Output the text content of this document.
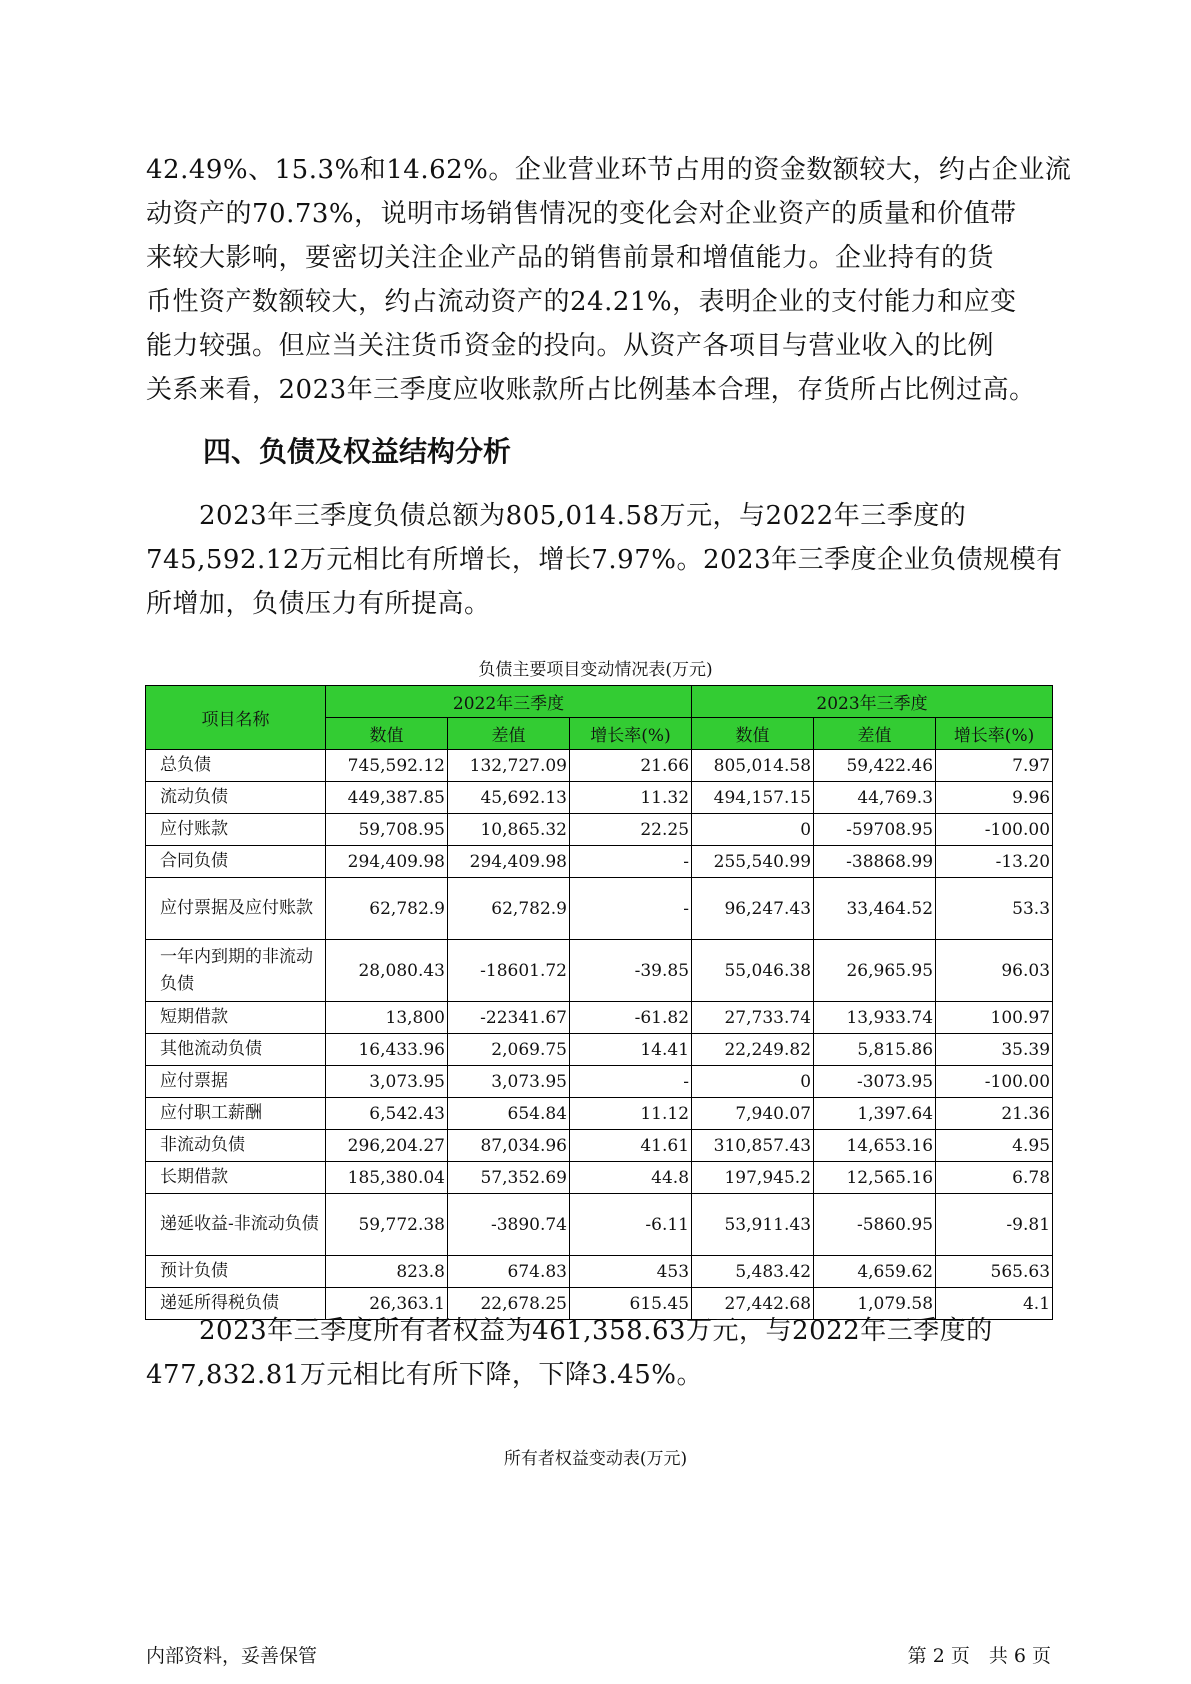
42.49%、15.3%和14.62%。企业营业环节占用的资金数额较大，约占企业流
动资产的70.73%，说明市场销售情况的变化会对企业资产的质量和价值带
来较大影响，要密切关注企业产品的销售前景和增值能力。企业持有的货
币性资产数额较大，约占流动资产的24.21%，表明企业的支付能力和应变
能力较强。但应当关注货币资金的投向。从资产各项目与营业收入的比例
关系来看，2023年三季度应收账款所占比例基本合理，存货所占比例过高。
四、负债及权益结构分析
　　2023年三季度负债总额为805,014.58万元，与2022年三季度的
745,592.12万元相比有所增长，增长7.97%。2023年三季度企业负债规模有
所增加，负债压力有所提高。
负债主要项目变动情况表(万元)
项目名称	2022年三季度			2023年三季度		
	数值	差值	增长率(%)	数值	差值	增长率(%)
总负债	745,592.12	132,727.09	21.66	805,014.58	59,422.46	7.97
流动负债	449,387.85	45,692.13	11.32	494,157.15	44,769.3	9.96
应付账款	59,708.95	10,865.32	22.25	0	-59708.95	-100.00
合同负债	294,409.98	294,409.98	-	255,540.99	-38868.99	-13.20
应付票据及应付账款	62,782.9	62,782.9	-	96,247.43	33,464.52	53.3
一年内到期的非流动负债	28,080.43	-18601.72	-39.85	55,046.38	26,965.95	96.03
短期借款	13,800	-22341.67	-61.82	27,733.74	13,933.74	100.97
其他流动负债	16,433.96	2,069.75	14.41	22,249.82	5,815.86	35.39
应付票据	3,073.95	3,073.95	-	0	-3073.95	-100.00
应付职工薪酬	6,542.43	654.84	11.12	7,940.07	1,397.64	21.36
非流动负债	296,204.27	87,034.96	41.61	310,857.43	14,653.16	4.95
长期借款	185,380.04	57,352.69	44.8	197,945.2	12,565.16	6.78
递延收益-非流动负债	59,772.38	-3890.74	-6.11	53,911.43	-5860.95	-9.81
预计负债	823.8	674.83	453	5,483.42	4,659.62	565.63
递延所得税负债	26,363.1	22,678.25	615.45	27,442.68	1,079.58	4.1
　　2023年三季度所有者权益为461,358.63万元，与2022年三季度的
477,832.81万元相比有所下降，下降3.45%。
所有者权益变动表(万元)
内部资料，妥善保管	第 2 页　共 6 页
